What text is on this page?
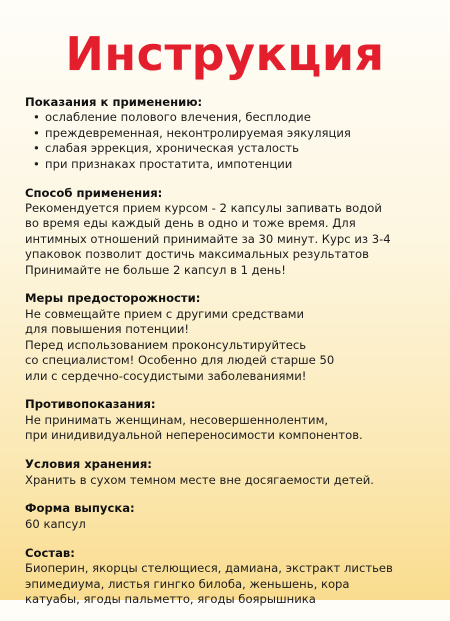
Инструкция
Показания к применению:
• ослабление полового влечения, бесплодие
• преждевременная, неконтролируемая эякуляция
• слабая эррекция, хроническая усталость
• при признаках простатита, импотенции
Способ применения:
Рекомендуется прием курсом - 2 капсулы запивать водой
во время еды каждый день в одно и тоже время. Для
интимных отношений принимайте за 30 минут. Курс из 3-4
упаковок позволит достичь максимальных результатов
Принимайте не больше 2 капсул в 1 день!
Меры предосторожности:
Не совмещайте прием с другими средствами
для повышения потенции!
Перед использованием проконсультируйтесь
со специалистом! Особенно для людей старше 50
или с сердечно-сосудистыми заболеваниями!
Противопоказания:
Не принимать женщинам, несовершеннолентим,
при инидивидуальной непереносимости компонентов.
Условия хранения:
Хранить в сухом темном месте вне досягаемости детей.
Форма выпуска:
60 капсул
Состав:
Биоперин, якорцы стелющиеся, дамиана, экстракт листьев
эпимедиума, листья гингко билоба, женьшень, кора
катуабы, ягоды пальметто, ягоды боярышника
